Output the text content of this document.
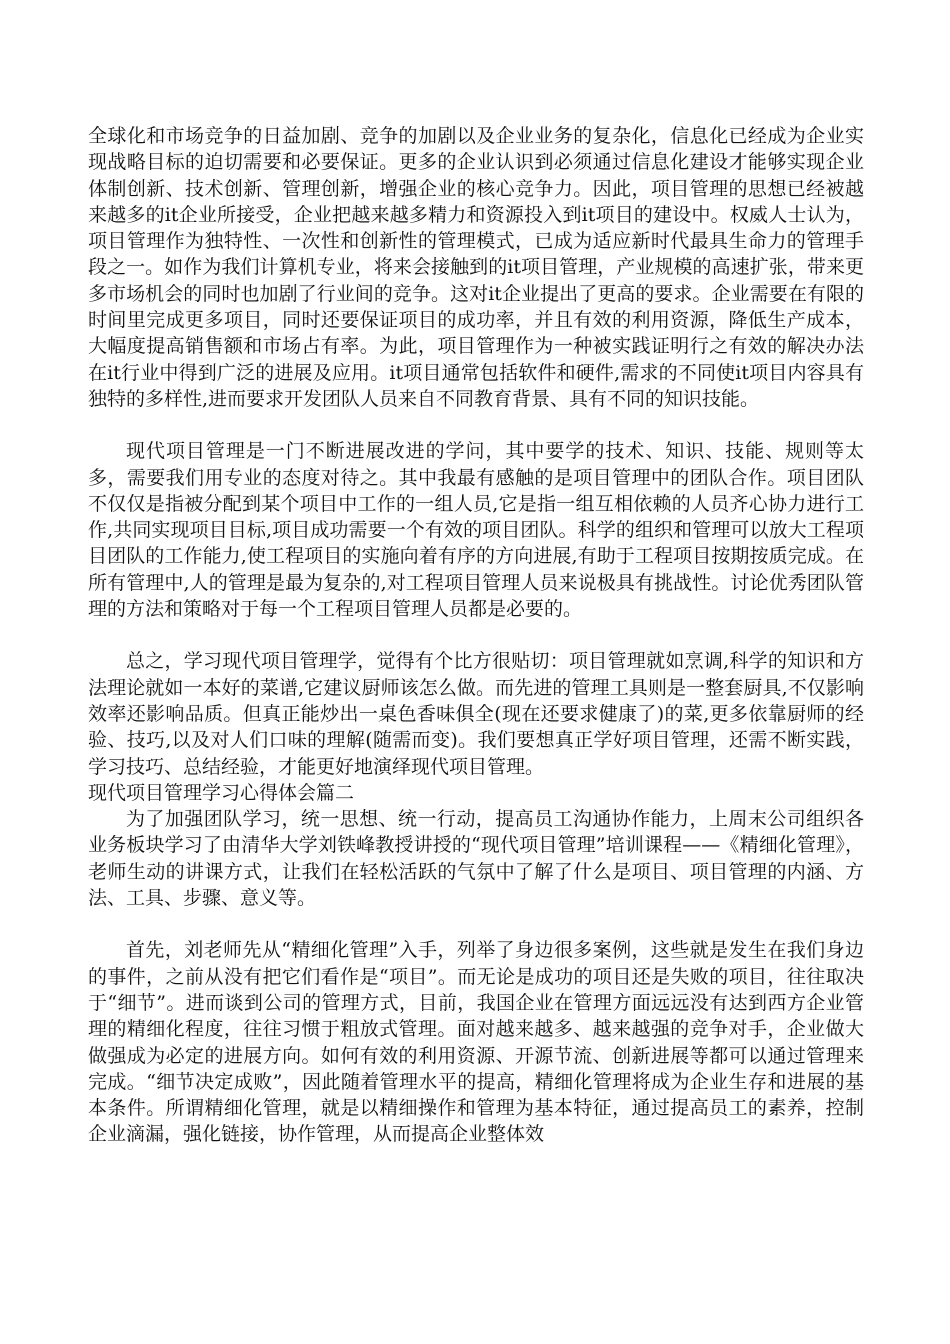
全球化和市场竞争的日益加剧、竞争的加剧以及企业业务的复杂化，信息化已经成为企业实现战略目标的迫切需要和必要保证。更多的企业认识到必须通过信息化建设才能够实现企业体制创新、技术创新、管理创新，增强企业的核心竞争力。因此，项目管理的思想已经被越来越多的it企业所接受，企业把越来越多精力和资源投入到it项目的建设中。权威人士认为，项目管理作为独特性、一次性和创新性的管理模式，已成为适应新时代最具生命力的管理手段之一。如作为我们计算机专业，将来会接触到的it项目管理，产业规模的高速扩张，带来更多市场机会的同时也加剧了行业间的竞争。这对it企业提出了更高的要求。企业需要在有限的时间里完成更多项目，同时还要保证项目的成功率，并且有效的利用资源，降低生产成本，大幅度提高销售额和市场占有率。为此，项目管理作为一种被实践证明行之有效的解决办法在it行业中得到广泛的进展及应用。it项目通常包括软件和硬件,需求的不同使it项目内容具有独特的多样性,进而要求开发团队人员来自不同教育背景、具有不同的知识技能。

现代项目管理是一门不断进展改进的学问，其中要学的技术、知识、技能、规则等太多，需要我们用专业的态度对待之。其中我最有感触的是项目管理中的团队合作。项目团队不仅仅是指被分配到某个项目中工作的一组人员,它是指一组互相依赖的人员齐心协力进行工作,共同实现项目目标,项目成功需要一个有效的项目团队。科学的组织和管理可以放大工程项目团队的工作能力,使工程项目的实施向着有序的方向进展,有助于工程项目按期按质完成。在所有管理中,人的管理是最为复杂的,对工程项目管理人员来说极具有挑战性。讨论优秀团队管理的方法和策略对于每一个工程项目管理人员都是必要的。

总之，学习现代项目管理学，觉得有个比方很贴切：项目管理就如烹调,科学的知识和方法理论就如一本好的菜谱,它建议厨师该怎么做。而先进的管理工具则是一整套厨具,不仅影响效率还影响品质。但真正能炒出一桌色香味俱全(现在还要求健康了)的菜,更多依靠厨师的经验、技巧,以及对人们口味的理解(随需而变)。我们要想真正学好项目管理，还需不断实践，学习技巧、总结经验，才能更好地演绎现代项目管理。

现代项目管理学习心得体会篇二

为了加强团队学习，统一思想、统一行动，提高员工沟通协作能力，上周末公司组织各业务板块学习了由清华大学刘铁峰教授讲授的“现代项目管理”培训课程——《精细化管理》，老师生动的讲课方式，让我们在轻松活跃的气氛中了解了什么是项目、项目管理的内涵、方法、工具、步骤、意义等。

首先，刘老师先从“精细化管理”入手，列举了身边很多案例，这些就是发生在我们身边的事件，之前从没有把它们看作是“项目”。而无论是成功的项目还是失败的项目，往往取决于“细节”。进而谈到公司的管理方式，目前，我国企业在管理方面远远没有达到西方企业管理的精细化程度，往往习惯于粗放式管理。面对越来越多、越来越强的竞争对手，企业做大做强成为必定的进展方向。如何有效的利用资源、开源节流、创新进展等都可以通过管理来完成。“细节决定成败”，因此随着管理水平的提高，精细化管理将成为企业生存和进展的基本条件。所谓精细化管理，就是以精细操作和管理为基本特征，通过提高员工的素养，控制企业滴漏，强化链接，协作管理，从而提高企业整体效
